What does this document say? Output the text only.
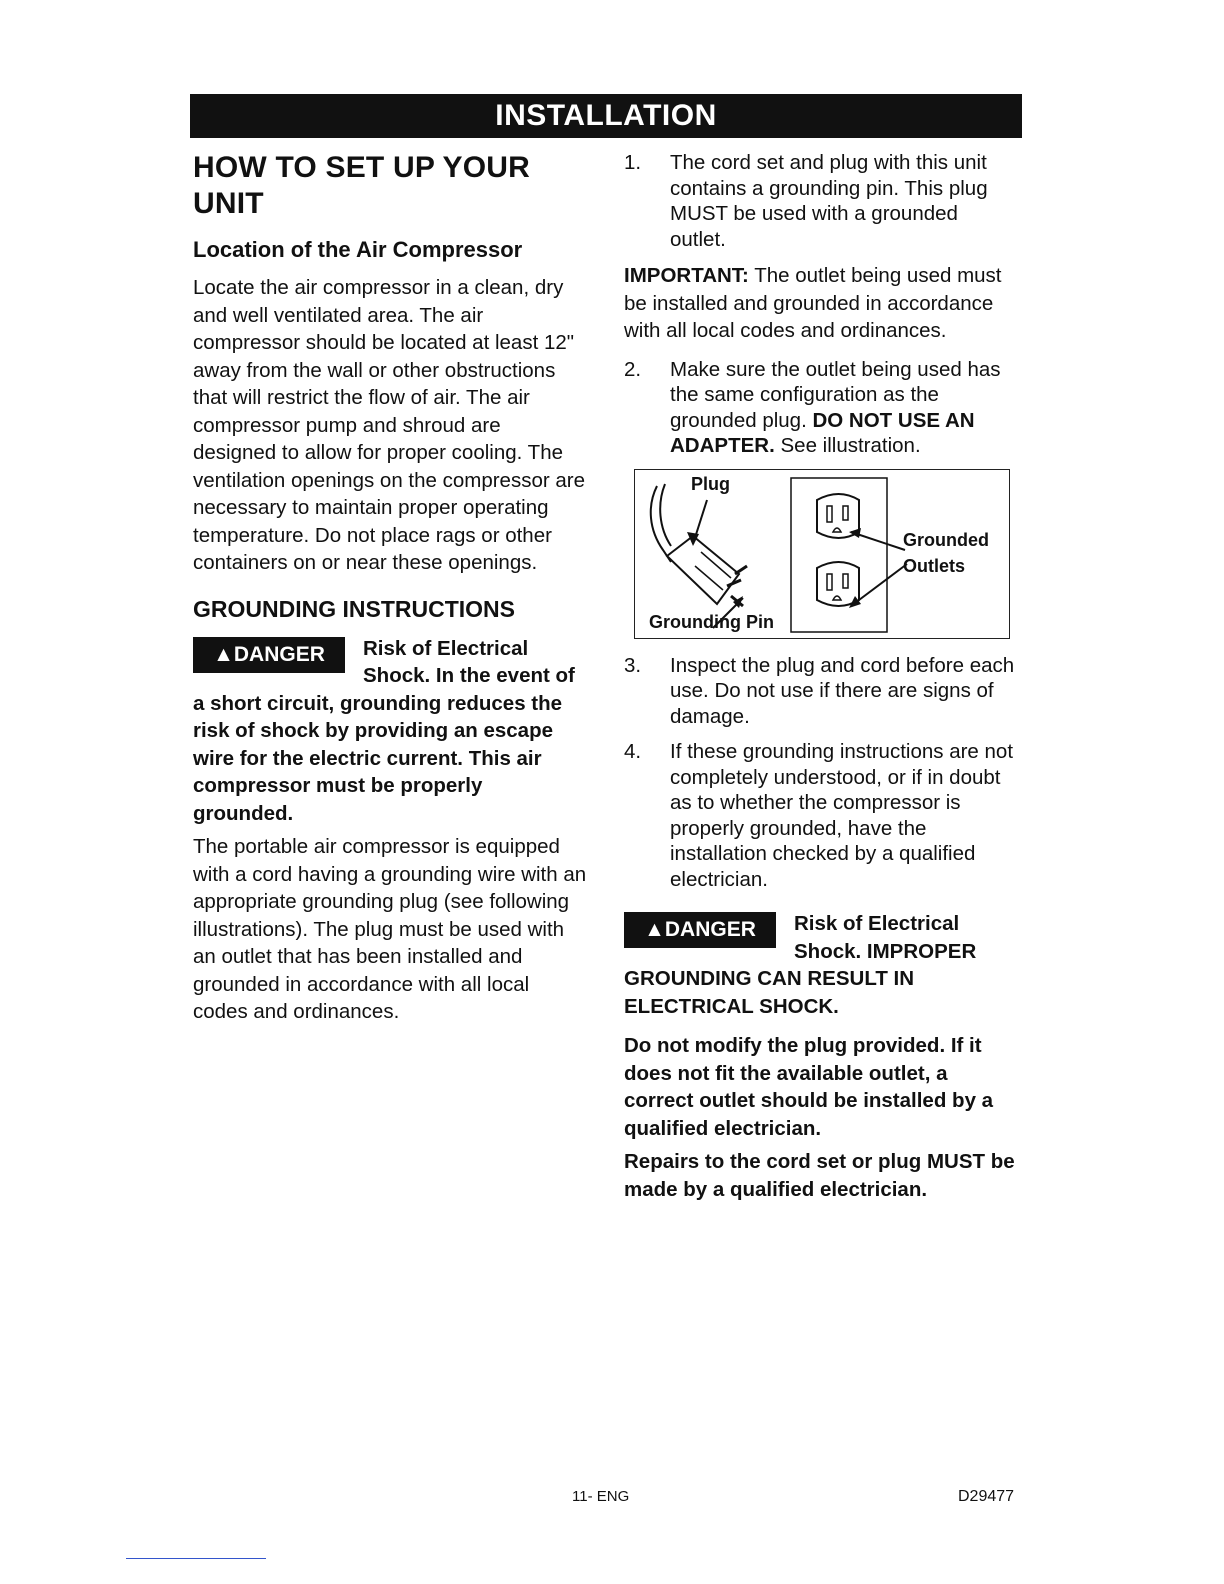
INSTALLATION
HOW TO SET UP YOUR UNIT
Location of the Air Compressor

Locate the air compressor in a clean, dry and well ventilated area. The air compressor should be located at least 12" away from the wall or other obstructions that will restrict the flow of air. The air compressor pump and shroud are designed to allow for proper cooling. The ventilation openings on the compressor are necessary to maintain proper operating temperature. Do not place rags or other containers on or near these openings.

GROUNDING INSTRUCTIONS
▲DANGER	Risk of Electrical Shock. In the event of a short circuit, grounding reduces the risk of shock by providing an escape wire for the electric current. This air compressor must be properly grounded.

The portable air compressor is equipped with a cord having a grounding wire with an appropriate grounding plug (see following illustrations). The plug must be used with an outlet that has been installed and grounded in accordance with all local codes and ordinances.

1. The cord set and plug with this unit contains a grounding pin. This plug MUST be used with a grounded outlet.

IMPORTANT: The outlet being used must be installed and grounded in accordance with all local codes and ordinances.

2. Make sure the outlet being used has the same configuration as the grounded plug. DO NOT USE AN ADAPTER. See illustration.
Plug
Grounded
Outlets
Grounding Pin
3. Inspect the plug and cord before each use. Do not use if there are signs of damage.
4. If these grounding instructions are not completely understood, or if in doubt as to whether the compressor is properly grounded, have the installation checked by a qualified electrician.
▲DANGER	Risk of Electrical Shock. IMPROPER GROUNDING CAN RESULT IN ELECTRICAL SHOCK.

Do not modify the plug provided. If it does not fit the available outlet, a correct outlet should be installed by a qualified electrician.

Repairs to the cord set or plug MUST be made by a qualified electrician.

11- ENG	D29477
